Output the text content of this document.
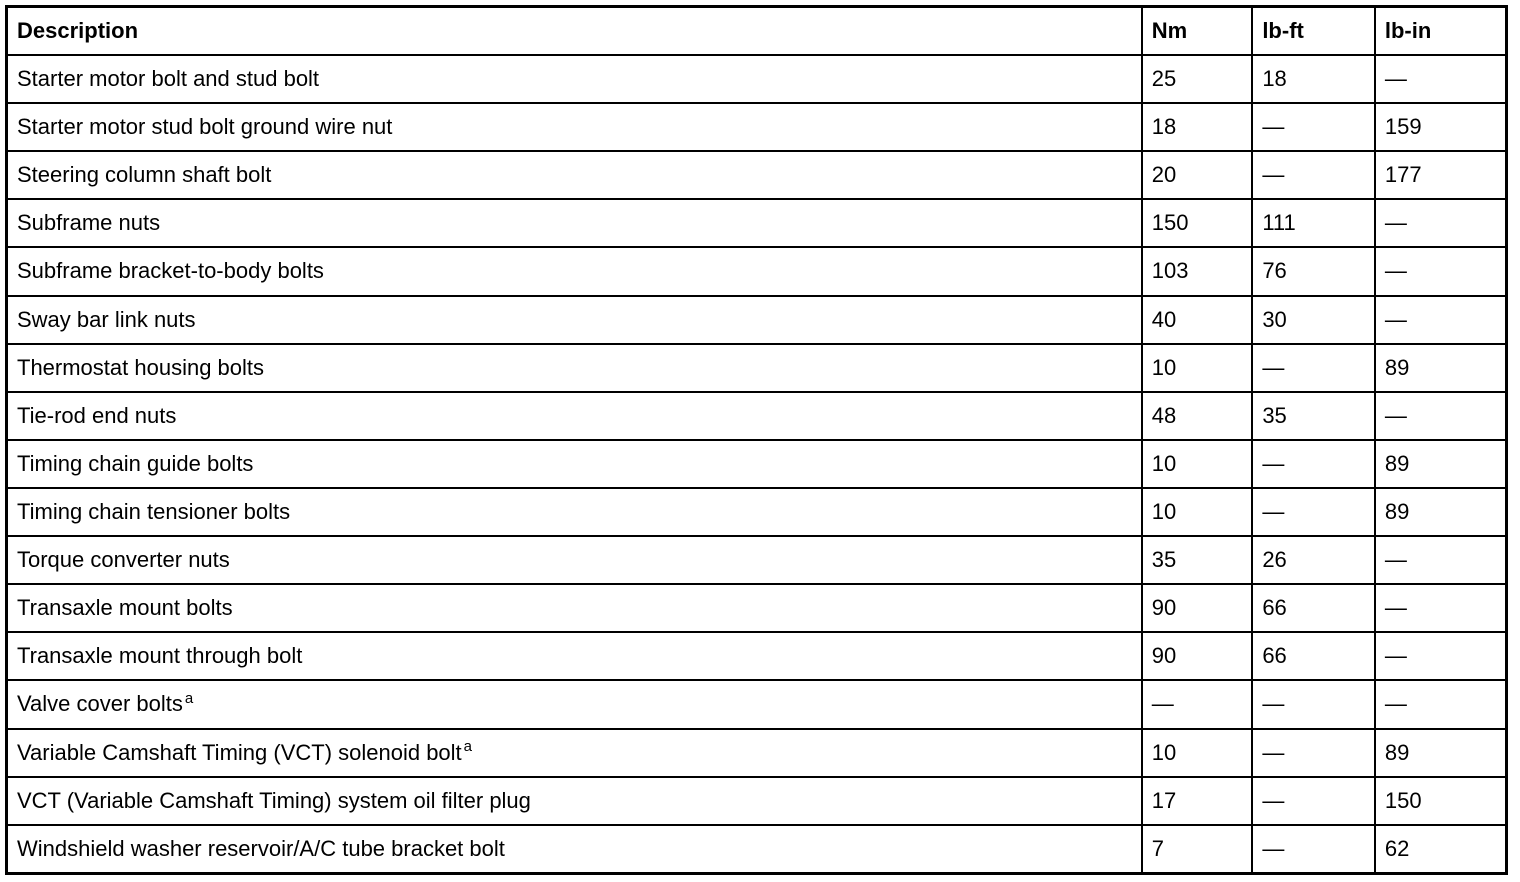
Description	Nm	lb-ft	lb-in
Starter motor bolt and stud bolt	25	18	—
Starter motor stud bolt ground wire nut	18	—	159
Steering column shaft bolt	20	—	177
Subframe nuts	150	111	—
Subframe bracket-to-body bolts	103	76	—
Sway bar link nuts	40	30	—
Thermostat housing bolts	10	—	89
Tie-rod end nuts	48	35	—
Timing chain guide bolts	10	—	89
Timing chain tensioner bolts	10	—	89
Torque converter nuts	35	26	—
Transaxle mount bolts	90	66	—
Transaxle mount through bolt	90	66	—
Valve cover bolts $^a$	—	—	—
Variable Camshaft Timing (VCT) solenoid bolt $^a$	10	—	89
VCT (Variable Camshaft Timing) system oil filter plug	17	—	150
Windshield washer reservoir/A/C tube bracket bolt	7	—	62
